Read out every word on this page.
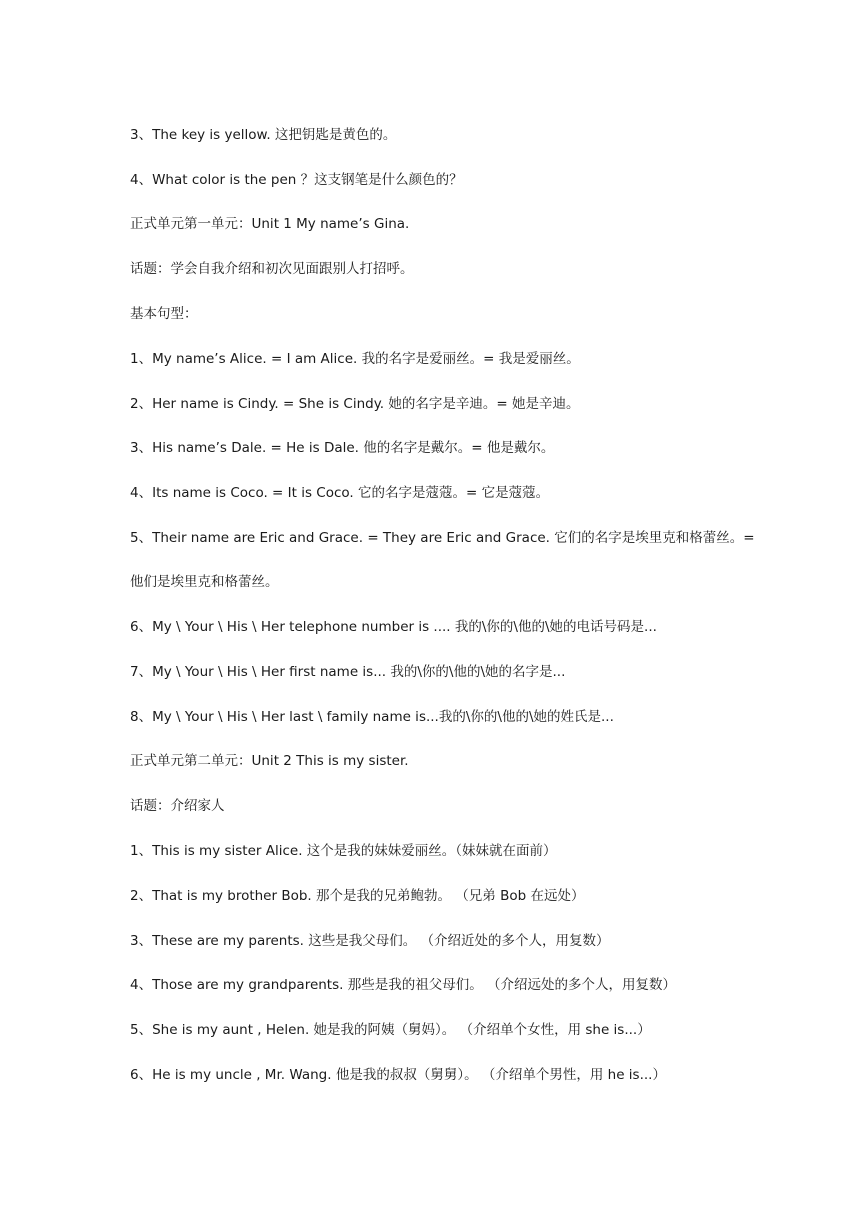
3、The key is yellow. 这把钥匙是黄色的。
4、What color is the pen ？这支钢笔是什么颜色的？
正式单元第一单元：Unit 1 My name’s Gina.
话题：学会自我介绍和初次见面跟别人打招呼。
基本句型：
1、My name’s Alice. = I am Alice. 我的名字是爱丽丝。= 我是爱丽丝。
2、Her name is Cindy. = She is Cindy. 她的名字是辛迪。= 她是辛迪。
3、His name’s Dale. = He is Dale. 他的名字是戴尔。= 他是戴尔。
4、Its name is Coco. = It is Coco. 它的名字是蔻蔻。= 它是蔻蔻。
5、Their name are Eric and Grace. = They are Eric and Grace. 它们的名字是埃里克和格蕾丝。=
他们是埃里克和格蕾丝。
6、My \ Your \ His \ Her telephone number is .... 我的\你的\他的\她的电话号码是...
7、My \ Your \ His \ Her first name is... 我的\你的\他的\她的名字是...
8、My \ Your \ His \ Her last \ family name is...我的\你的\他的\她的姓氏是...
正式单元第二单元：Unit 2 This is my sister.
话题：介绍家人
1、This is my sister Alice. 这个是我的妹妹爱丽丝。（妹妹就在面前）
2、That is my brother Bob. 那个是我的兄弟鲍勃。 （兄弟 Bob 在远处）
3、These are my parents. 这些是我父母们。 （介绍近处的多个人，用复数）
4、Those are my grandparents. 那些是我的祖父母们。 （介绍远处的多个人，用复数）
5、She is my aunt , Helen. 她是我的阿姨（舅妈）。 （介绍单个女性，用 she is...）
6、He is my uncle , Mr. Wang. 他是我的叔叔（舅舅）。 （介绍单个男性，用 he is...）
